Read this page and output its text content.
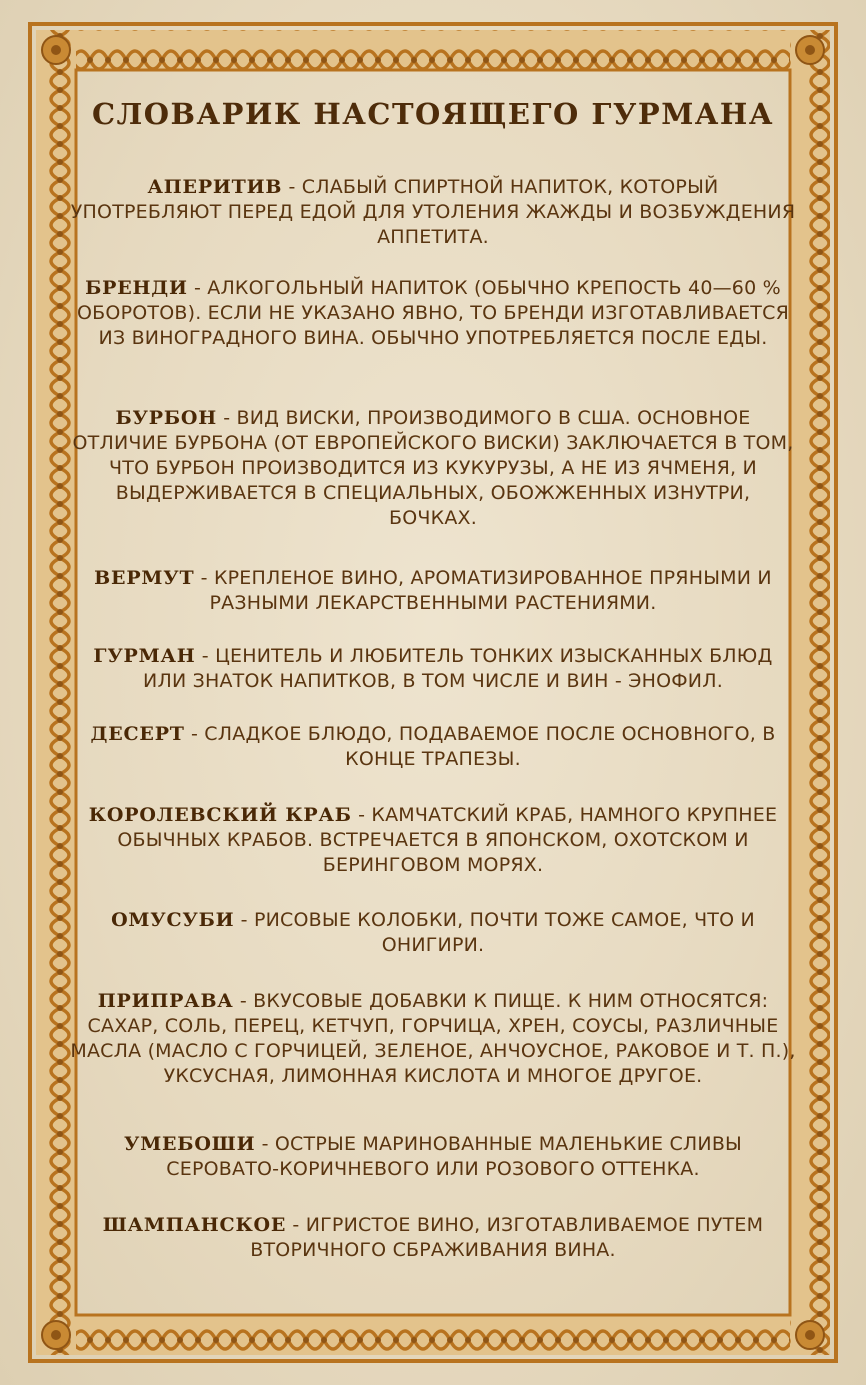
СЛОВАРИК НАСТОЯЩЕГО ГУРМАНА

АПЕРИТИВ - СЛАБЫЙ СПИРТНОЙ НАПИТОК, КОТОРЫЙ УПОТРЕБЛЯЮТ ПЕРЕД ЕДОЙ ДЛЯ УТОЛЕНИЯ ЖАЖДЫ И ВОЗБУЖДЕНИЯ АППЕТИТА.

БРЕНДИ - АЛКОГОЛЬНЫЙ НАПИТОК (ОБЫЧНО КРЕПОСТЬ 40—60 % ОБОРОТОВ). ЕСЛИ НЕ УКАЗАНО ЯВНО, ТО БРЕНДИ ИЗГОТАВЛИВАЕТСЯ ИЗ ВИНОГРАДНОГО ВИНА. ОБЫЧНО УПОТРЕБЛЯЕТСЯ ПОСЛЕ ЕДЫ.

БУРБОН - ВИД ВИСКИ, ПРОИЗВОДИМОГО В США. ОСНОВНОЕ ОТЛИЧИЕ БУРБОНА (ОТ ЕВРОПЕЙСКОГО ВИСКИ) ЗАКЛЮЧАЕТСЯ В ТОМ, ЧТО БУРБОН ПРОИЗВОДИТСЯ ИЗ КУКУРУЗЫ, А НЕ ИЗ ЯЧМЕНЯ, И ВЫДЕРЖИВАЕТСЯ В СПЕЦИАЛЬНЫХ, ОБОЖЖЕННЫХ ИЗНУТРИ, БОЧКАХ.

ВЕРМУТ - КРЕПЛЕНОЕ ВИНО, АРОМАТИЗИРОВАННОЕ ПРЯНЫМИ И РАЗНЫМИ ЛЕКАРСТВЕННЫМИ РАСТЕНИЯМИ.

ГУРМАН - ЦЕНИТЕЛЬ И ЛЮБИТЕЛЬ ТОНКИХ ИЗЫСКАННЫХ БЛЮД ИЛИ ЗНАТОК НАПИТКОВ, В ТОМ ЧИСЛЕ И ВИН - ЭНОФИЛ.

ДЕСЕРТ - СЛАДКОЕ БЛЮДО, ПОДАВАЕМОЕ ПОСЛЕ ОСНОВНОГО, В КОНЦЕ ТРАПЕЗЫ.

КОРОЛЕВСКИЙ КРАБ - КАМЧАТСКИЙ КРАБ, НАМНОГО КРУПНЕЕ ОБЫЧНЫХ КРАБОВ. ВСТРЕЧАЕТСЯ В ЯПОНСКОМ, ОХОТСКОМ И БЕРИНГОВОМ МОРЯХ.

ОМУСУБИ - РИСОВЫЕ КОЛОБКИ, ПОЧТИ ТОЖЕ САМОЕ, ЧТО И ОНИГИРИ.

ПРИПРАВА - ВКУСОВЫЕ ДОБАВКИ К ПИЩЕ. К НИМ ОТНОСЯТСЯ: САХАР, СОЛЬ, ПЕРЕЦ, КЕТЧУП, ГОРЧИЦА, ХРЕН, СОУСЫ, РАЗЛИЧНЫЕ МАСЛА (МАСЛО С ГОРЧИЦЕЙ, ЗЕЛЕНОЕ, АНЧОУСНОЕ, РАКОВОЕ И Т. П.), УКСУСНАЯ, ЛИМОННАЯ КИСЛОТА И МНОГОЕ ДРУГОЕ.

УМЕБОШИ - ОСТРЫЕ МАРИНОВАННЫЕ МАЛЕНЬКИЕ СЛИВЫ СЕРОВАТО-КОРИЧНЕВОГО ИЛИ РОЗОВОГО ОТТЕНКА.

ШАМПАНСКОЕ - ИГРИСТОЕ ВИНО, ИЗГОТАВЛИВАЕМОЕ ПУТЕМ ВТОРИЧНОГО СБРАЖИВАНИЯ ВИНА.
